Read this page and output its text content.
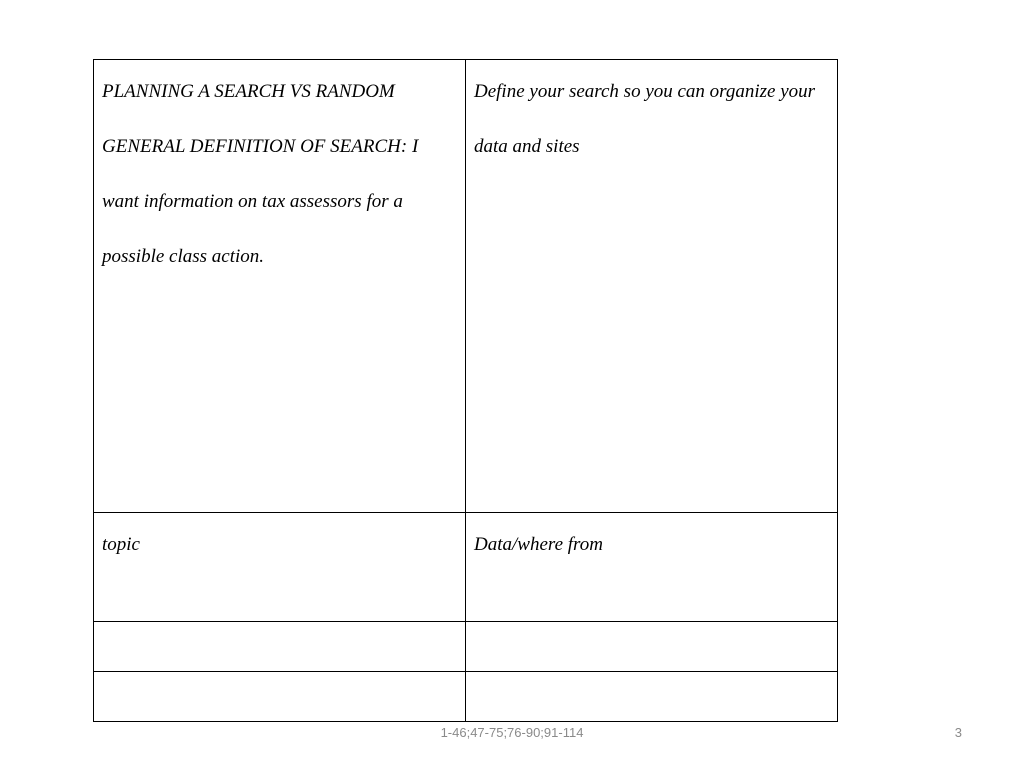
PLANNING A SEARCH VS RANDOM GENERAL DEFINITION OF SEARCH: I want information on tax assessors for a possible class action.	Define your search so you can organize your data and sites

topic	Data/where from

1-46;47-75;76-90;91-114	3
